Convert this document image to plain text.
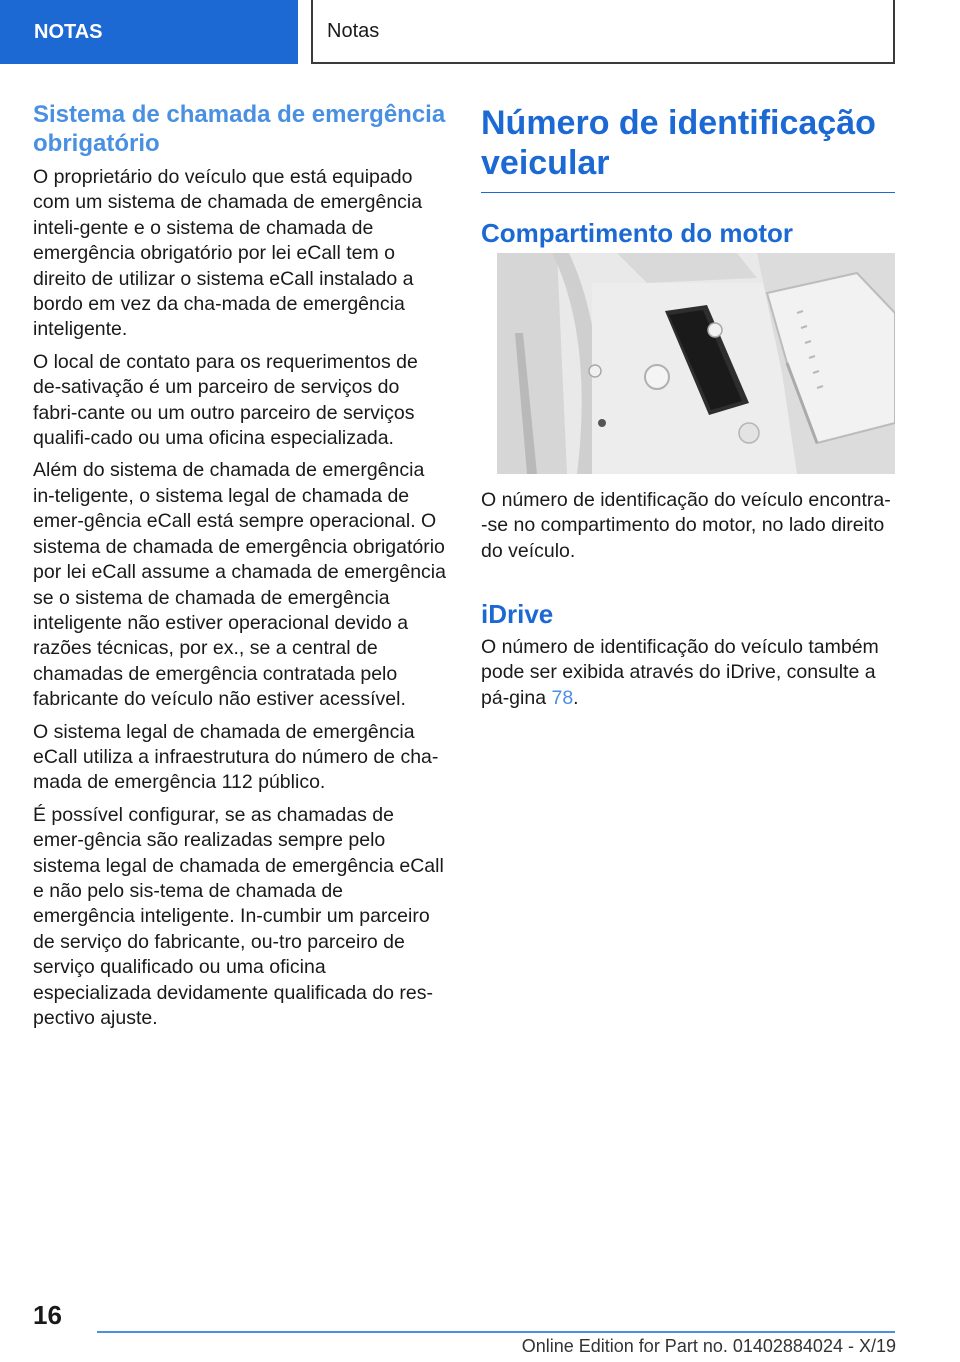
NOTAS	Notas
Sistema de chamada de emergência obrigatório

O proprietário do veículo que está equipado com um sistema de chamada de emergência inteli-gente e o sistema de chamada de emergência obrigatório por lei eCall tem o direito de utilizar o sistema eCall instalado a bordo em vez da cha-mada de emergência inteligente.

O local de contato para os requerimentos de de-sativação é um parceiro de serviços do fabri-cante ou um outro parceiro de serviços qualifi-cado ou uma oficina especializada.

Além do sistema de chamada de emergência in-teligente, o sistema legal de chamada de emer-gência eCall está sempre operacional. O sistema de chamada de emergência obrigatório por lei eCall assume a chamada de emergência se o sistema de chamada de emergência inteligente não estiver operacional devido a razões técnicas, por ex., se a central de chamadas de emergência contratada pelo fabricante do veículo não estiver acessível.

O sistema legal de chamada de emergência eCall utiliza a infraestrutura do número de cha-mada de emergência 112 público.

É possível configurar, se as chamadas de emer-gência são realizadas sempre pelo sistema legal de chamada de emergência eCall e não pelo sis-tema de chamada de emergência inteligente. In-cumbir um parceiro de serviço do fabricante, ou-tro parceiro de serviço qualificado ou uma oficina especializada devidamente qualificada do res-pectivo ajuste.

Número de identificação
veicular
Compartimento do motor

O número de identificação do veículo encontra--se no compartimento do motor, no lado direito do veículo.

iDrive

O número de identificação do veículo também pode ser exibida através do iDrive, consulte a pá-gina 78.

16
Online Edition for Part no. 01402884024 - X/19
